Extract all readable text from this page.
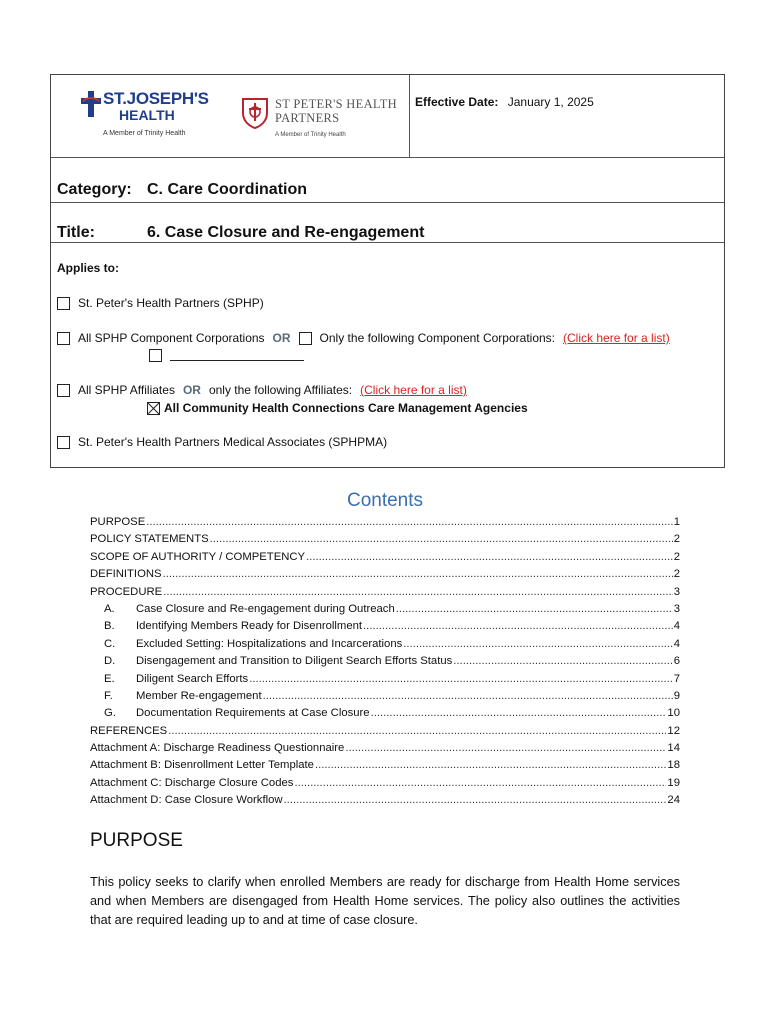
ST.JOSEPH'S
HEALTH
A Member of Trinity Health
ST PETER'S HEALTH
PARTNERS
A Member of Trinity Health
Effective Date: January 1, 2025
Category: C. Care Coordination
Title:	6. Case Closure and Re-engagement
Applies to:
St. Peter's Health Partners (SPHP)
All SPHP Component Corporations OR Only the following Component Corporations: (Click here for a list)
All SPHP Affiliates OR only the following Affiliates: (Click here for a list)
All Community Health Connections Care Management Agencies
St. Peter's Health Partners Medical Associates (SPHPMA)
Contents
PURPOSE .....	1
POLICY STATEMENTS .....	2
SCOPE OF AUTHORITY / COMPETENCY .....	2
DEFINITIONS .....	2
PROCEDURE .....	3
A.	Case Closure and Re-engagement during Outreach .....	3
B.	Identifying Members Ready for Disenrollment .....	4
C.	Excluded Setting: Hospitalizations and Incarcerations .....	4
D.	Disengagement and Transition to Diligent Search Efforts Status .....	6
E.	Diligent Search Efforts .....	7
F.	Member Re-engagement .....	9
G.	Documentation Requirements at Case Closure .....	10
REFERENCES .....	12
Attachment A: Discharge Readiness Questionnaire .....	14
Attachment B: Disenrollment Letter Template .....	18
Attachment C: Discharge Closure Codes .....	19
Attachment D: Case Closure Workflow .....	24
PURPOSE
This policy seeks to clarify when enrolled Members are ready for discharge from Health Home services and when Members are disengaged from Health Home services. The policy also outlines the activities that are required leading up to and at time of case closure.
